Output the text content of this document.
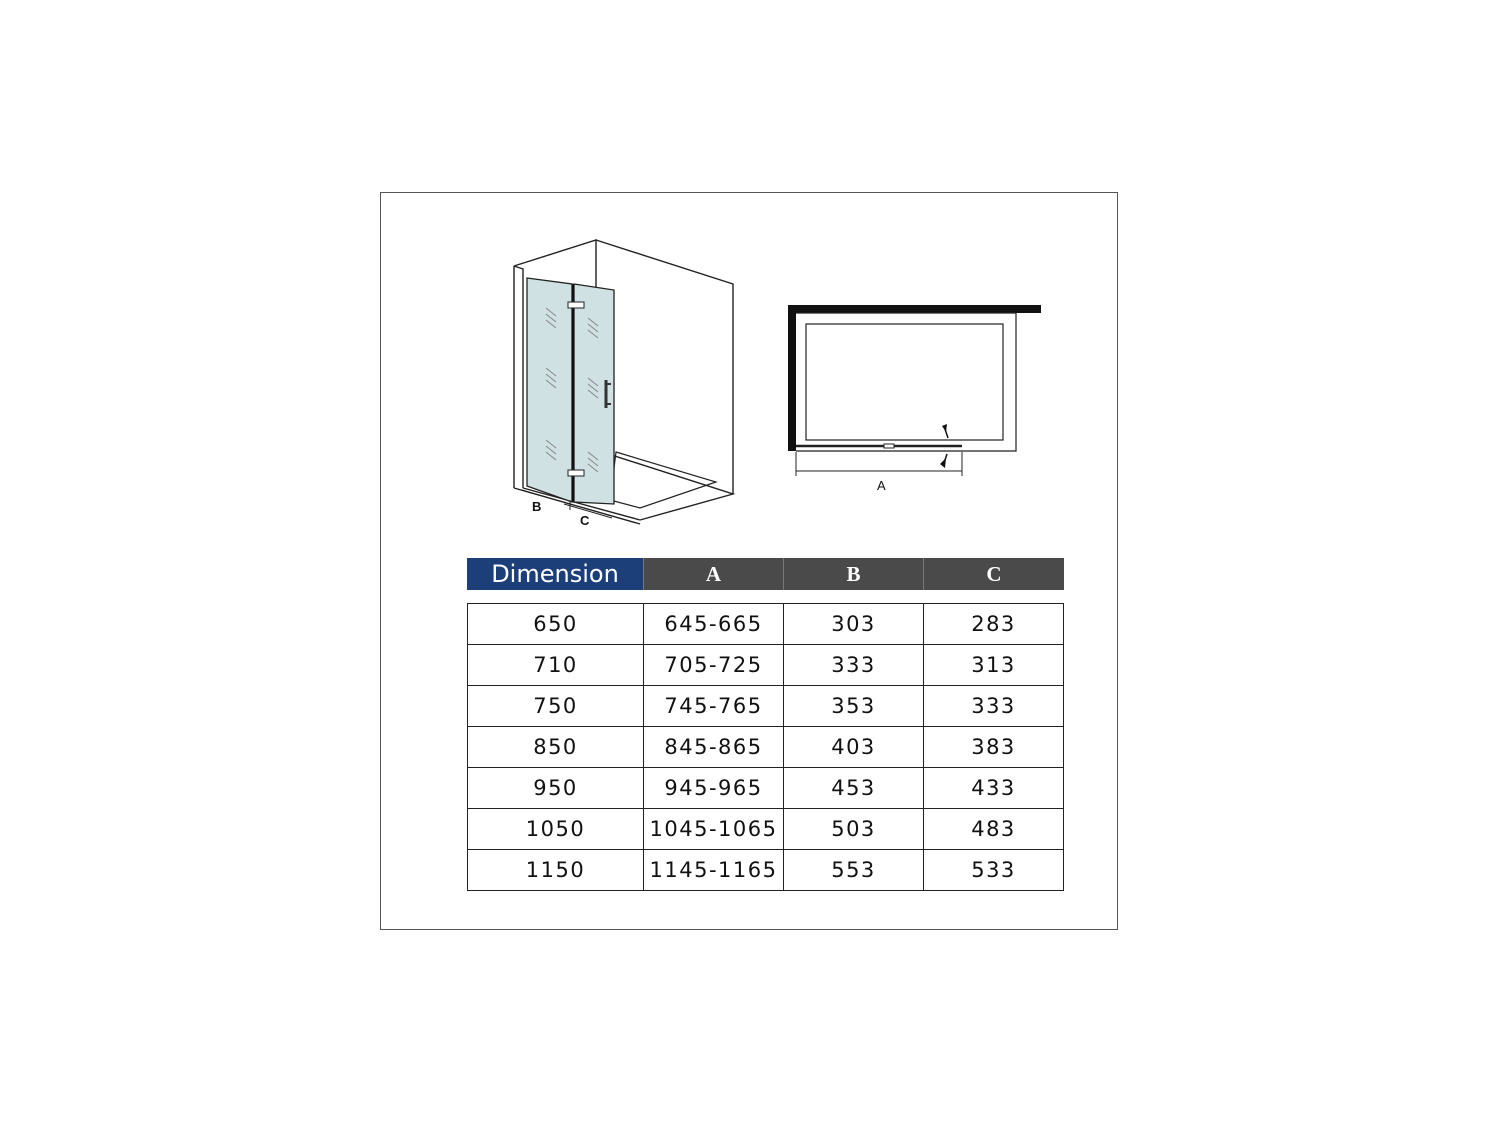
B
C
A
Dimension	A	B	C
650	645-665	303	283
710	705-725	333	313
750	745-765	353	333
850	845-865	403	383
950	945-965	453	433
1050	1045-1065	503	483
1150	1145-1165	553	533
